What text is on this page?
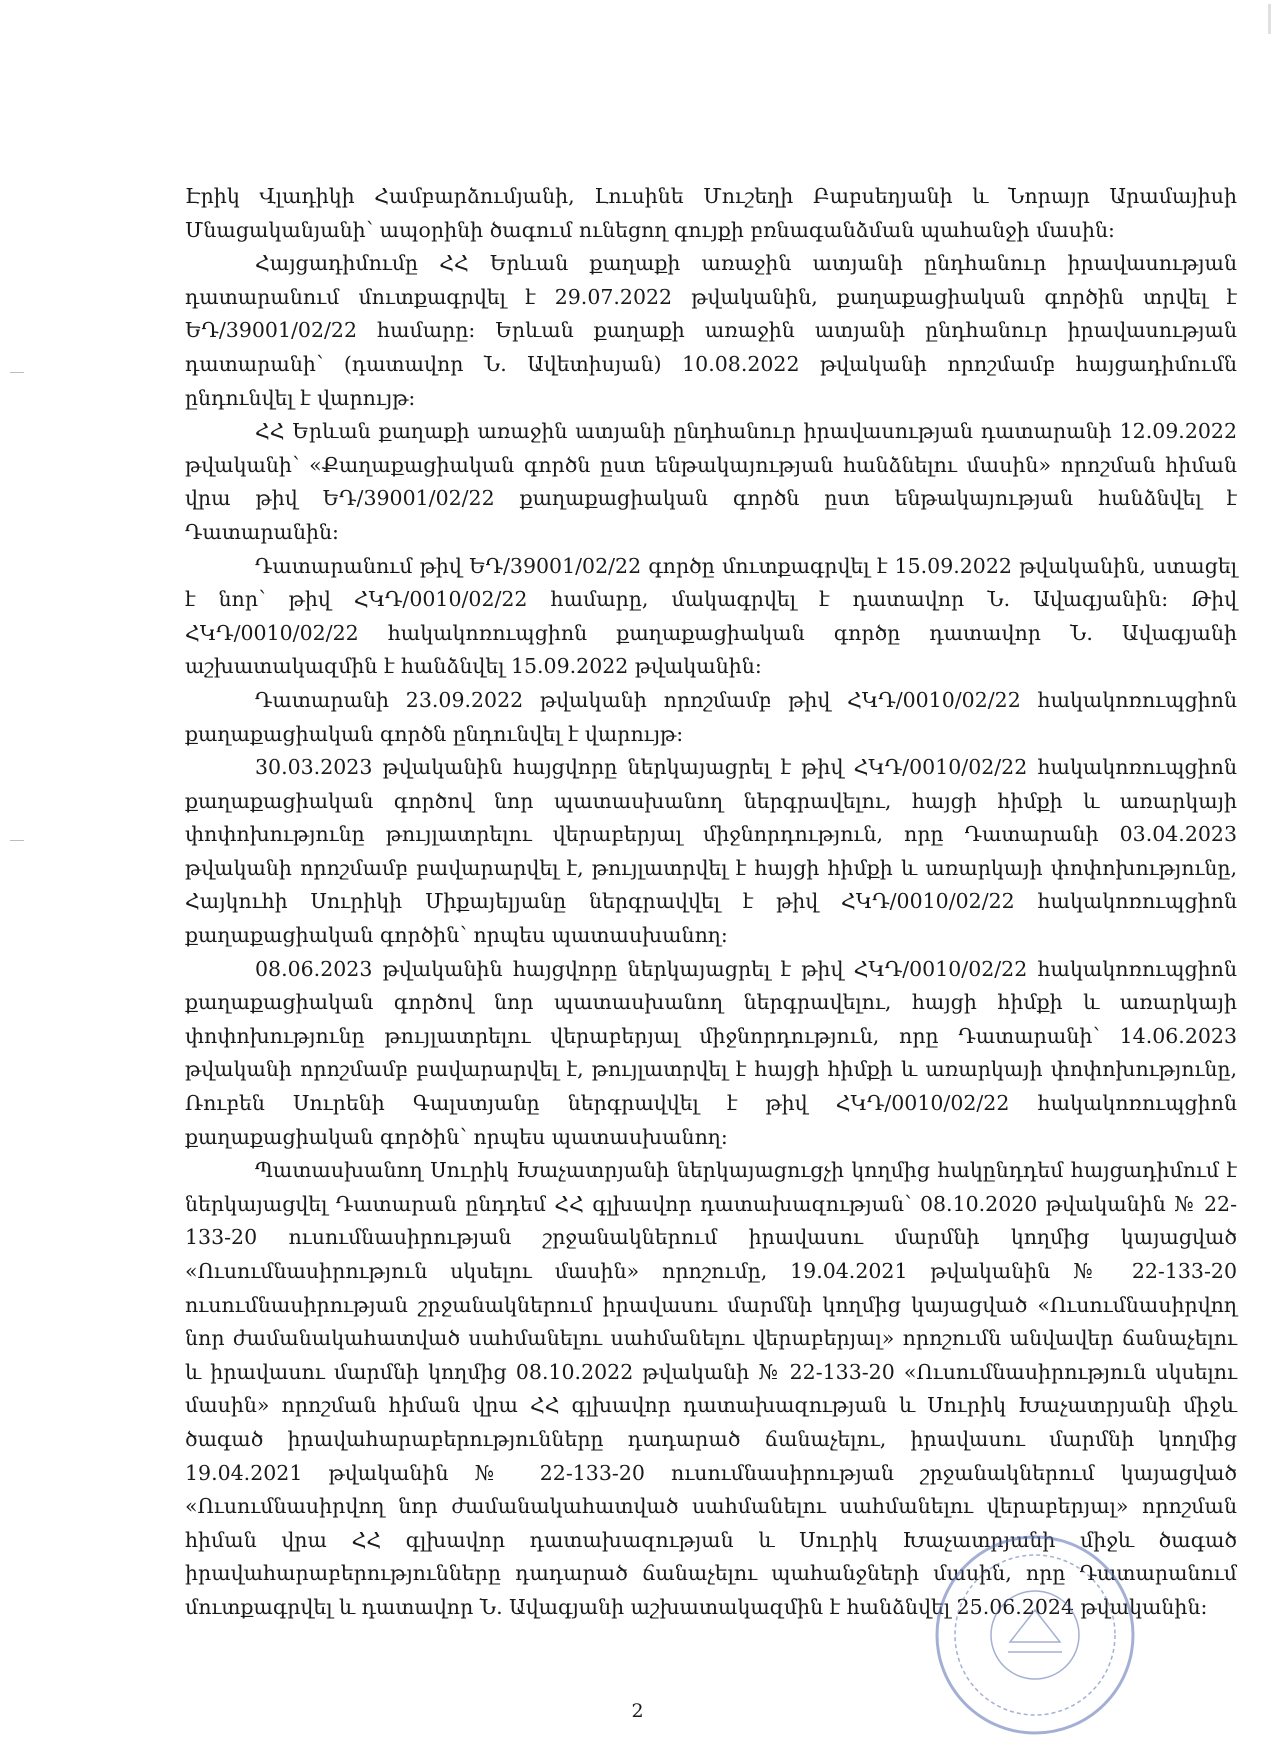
Էրիկ Վլադիկի Համբարձումյանի, Լուսինե Մուշեղի Բաբսեղյանի և Նորայր Արամայիսի Մնացականյանի՝ ապօրինի ծագում ունեցող գույքի բռնագանձման պահանջի մասին:

Հայցադիմումը ՀՀ Երևան քաղաքի առաջին ատյանի ընդհանուր իրավասության դատարանում մուտքագրվել է 29.07.2022 թվականին, քաղաքացիական գործին տրվել է ԵԴ/39001/02/22 համարը: Երևան քաղաքի առաջին ատյանի ընդհանուր իրավասության դատարանի՝ (դատավոր Ն. Ավետիսյան) 10.08.2022 թվականի որոշմամբ հայցադիմումն ընդունվել է վարույթ:

ՀՀ Երևան քաղաքի առաջին ատյանի ընդհանուր իրավասության դատարանի 12.09.2022 թվականի՝ «Քաղաքացիական գործն ըստ ենթակայության հանձնելու մասին» որոշման հիման վրա թիվ ԵԴ/39001/02/22 քաղաքացիական գործն ըստ ենթակայության հանձնվել է Դատարանին:

Դատարանում թիվ ԵԴ/39001/02/22 գործը մուտքագրվել է 15.09.2022 թվականին, ստացել է նոր՝ թիվ ՀԿԴ/0010/02/22 համարը, մակագրվել է դատավոր Ն. Ավագյանին: Թիվ ՀԿԴ/0010/02/22 հակակոռուպցիոն քաղաքացիական գործը դատավոր Ն. Ավագյանի աշխատակազմին է հանձնվել 15.09.2022 թվականին:

Դատարանի 23.09.2022 թվականի որոշմամբ թիվ ՀԿԴ/0010/02/22 հակակոռուպցիոն քաղաքացիական գործն ընդունվել է վարույթ:

30.03.2023 թվականին հայցվորը ներկայացրել է թիվ ՀԿԴ/0010/02/22 հակակոռուպցիոն քաղաքացիական գործով նոր պատասխանող ներգրավելու, հայցի հիմքի և առարկայի փոփոխությունը թույլատրելու վերաբերյալ միջնորդություն, որը Դատարանի 03.04.2023 թվականի որոշմամբ բավարարվել է, թույլատրվել է հայցի հիմքի և առարկայի փոփոխությունը, Հայկուհի Սուրիկի Միքայելյանը ներգրավվել է թիվ ՀԿԴ/0010/02/22 հակակոռուպցիոն քաղաքացիական գործին՝ որպես պատասխանող:

08.06.2023 թվականին հայցվորը ներկայացրել է թիվ ՀԿԴ/0010/02/22 հակակոռուպցիոն քաղաքացիական գործով նոր պատասխանող ներգրավելու, հայցի հիմքի և առարկայի փոփոխությունը թույլատրելու վերաբերյալ միջնորդություն, որը Դատարանի՝ 14.06.2023 թվականի որոշմամբ բավարարվել է, թույլատրվել է հայցի հիմքի և առարկայի փոփոխությունը, Ռուբեն Սուրենի Գալստյանը ներգրավվել է թիվ ՀԿԴ/0010/02/22 հակակոռուպցիոն քաղաքացիական գործին՝ որպես պատասխանող:

Պատասխանող Սուրիկ Խաչատրյանի ներկայացուցչի կողմից հակընդդեմ հայցադիմում է ներկայացվել Դատարան ընդդեմ ՀՀ գլխավոր դատախազության՝ 08.10.2020 թվականին № 22-133-20 ուսումնասիրության շրջանակներում իրավասու մարմնի կողմից կայացված «Ուսումնասիրություն սկսելու մասին» որոշումը, 19.04.2021 թվականին № 22-133-20 ուսումնասիրության շրջանակներում իրավասու մարմնի կողմից կայացված «Ուսումնասիրվող նոր ժամանակահատված սահմանելու սահմանելու վերաբերյալ» որոշումն անվավեր ճանաչելու և իրավասու մարմնի կողմից 08.10.2022 թվականի № 22-133-20 «Ուսումնասիրություն սկսելու մասին» որոշման հիման վրա ՀՀ գլխավոր դատախազության և Սուրիկ Խաչատրյանի միջև ծագած իրավահարաբերությունները դադարած ճանաչելու, իրավասու մարմնի կողմից 19.04.2021 թվականին № 22-133-20 ուսումնասիրության շրջանակներում կայացված «Ուսումնասիրվող նոր ժամանակահատված սահմանելու սահմանելու վերաբերյալ» որոշման հիման վրա ՀՀ գլխավոր դատախազության և Սուրիկ Խաչատրյանի միջև ծագած իրավահարաբերությունները դադարած ճանաչելու պահանջների մասին, որը Դատարանում մուտքագրվել և դատավոր Ն. Ավագյանի աշխատակազմին է հանձնվել 25.06.2024 թվականին:

2
